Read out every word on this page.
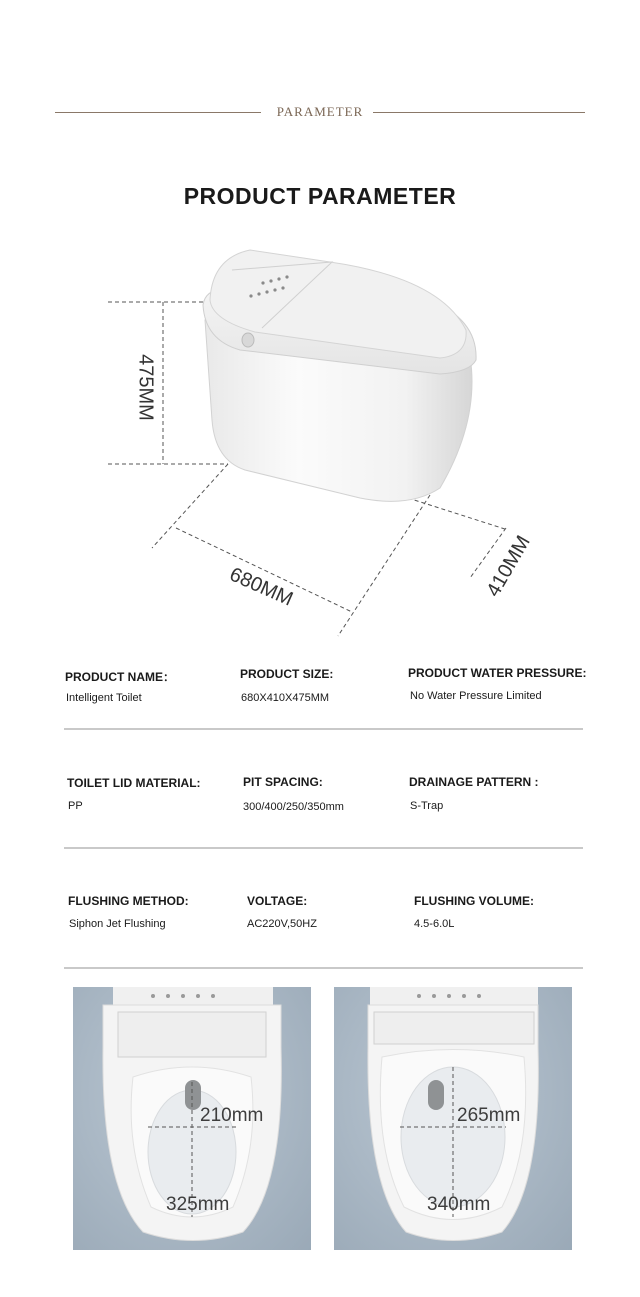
PARAMETER
PRODUCT PARAMETER
475MM
680MM	410MM
PRODUCT NAME：
Intelligent Toilet
PRODUCT SIZE:
680X410X475MM
PRODUCT WATER PRESSURE:
No Water Pressure Limited
TOILET LID MATERIAL:
PP
PIT SPACING:
300/400/250/350mm
DRAINAGE PATTERN :
S-Trap
FLUSHING METHOD:
Siphon Jet Flushing
VOLTAGE:
AC220V,50HZ
FLUSHING VOLUME:
4.5-6.0L
210mm
325mm
265mm
340mm
